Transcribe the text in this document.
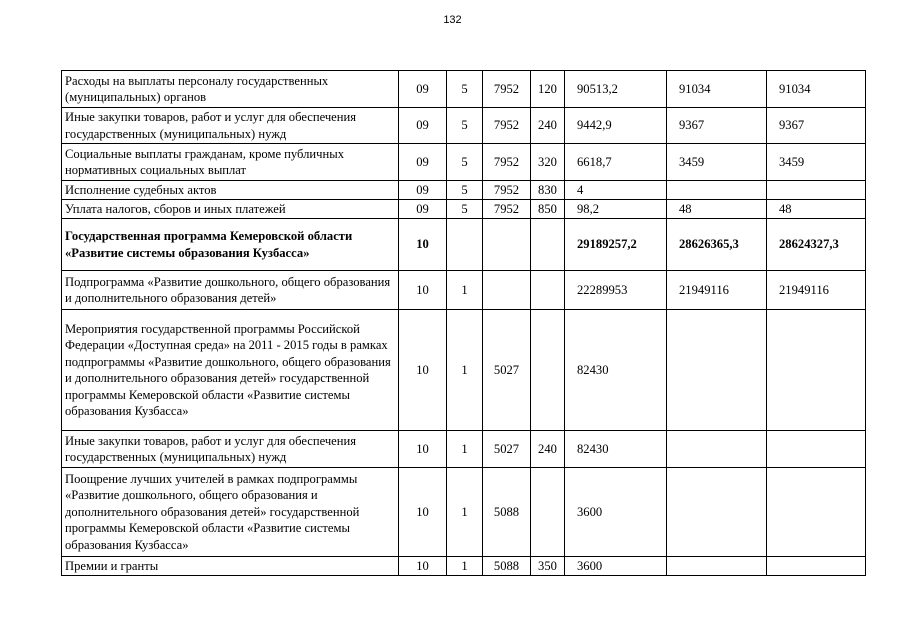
132
Расходы на выплаты персоналу государственных (муниципальных) органов	09	5	7952	120	90513,2	91034	91034
Иные закупки товаров, работ и услуг для обеспечения государственных (муниципальных) нужд	09	5	7952	240	9442,9	9367	9367
Социальные выплаты гражданам, кроме публичных нормативных социальных выплат	09	5	7952	320	6618,7	3459	3459
Исполнение судебных актов	09	5	7952	830	4		
Уплата налогов, сборов и иных платежей	09	5	7952	850	98,2	48	48
Государственная программа Кемеровской области «Развитие системы образования Кузбасса»	10				29189257,2	28626365,3	28624327,3
Подпрограмма «Развитие дошкольного, общего образования и дополнительного образования детей»	10	1			22289953	21949116	21949116
Мероприятия государственной программы Российской Федерации «Доступная среда» на 2011 - 2015 годы в рамках подпрограммы «Развитие дошкольного, общего образования и дополнительного образования детей» государственной программы Кемеровской области «Развитие системы образования Кузбасса»	10	1	5027		82430		
Иные закупки товаров, работ и услуг для обеспечения государственных (муниципальных) нужд	10	1	5027	240	82430		
Поощрение лучших учителей в рамках подпрограммы «Развитие дошкольного, общего образования и дополнительного образования детей» государственной программы Кемеровской области «Развитие системы образования Кузбасса»	10	1	5088		3600		
Премии и гранты	10	1	5088	350	3600		
